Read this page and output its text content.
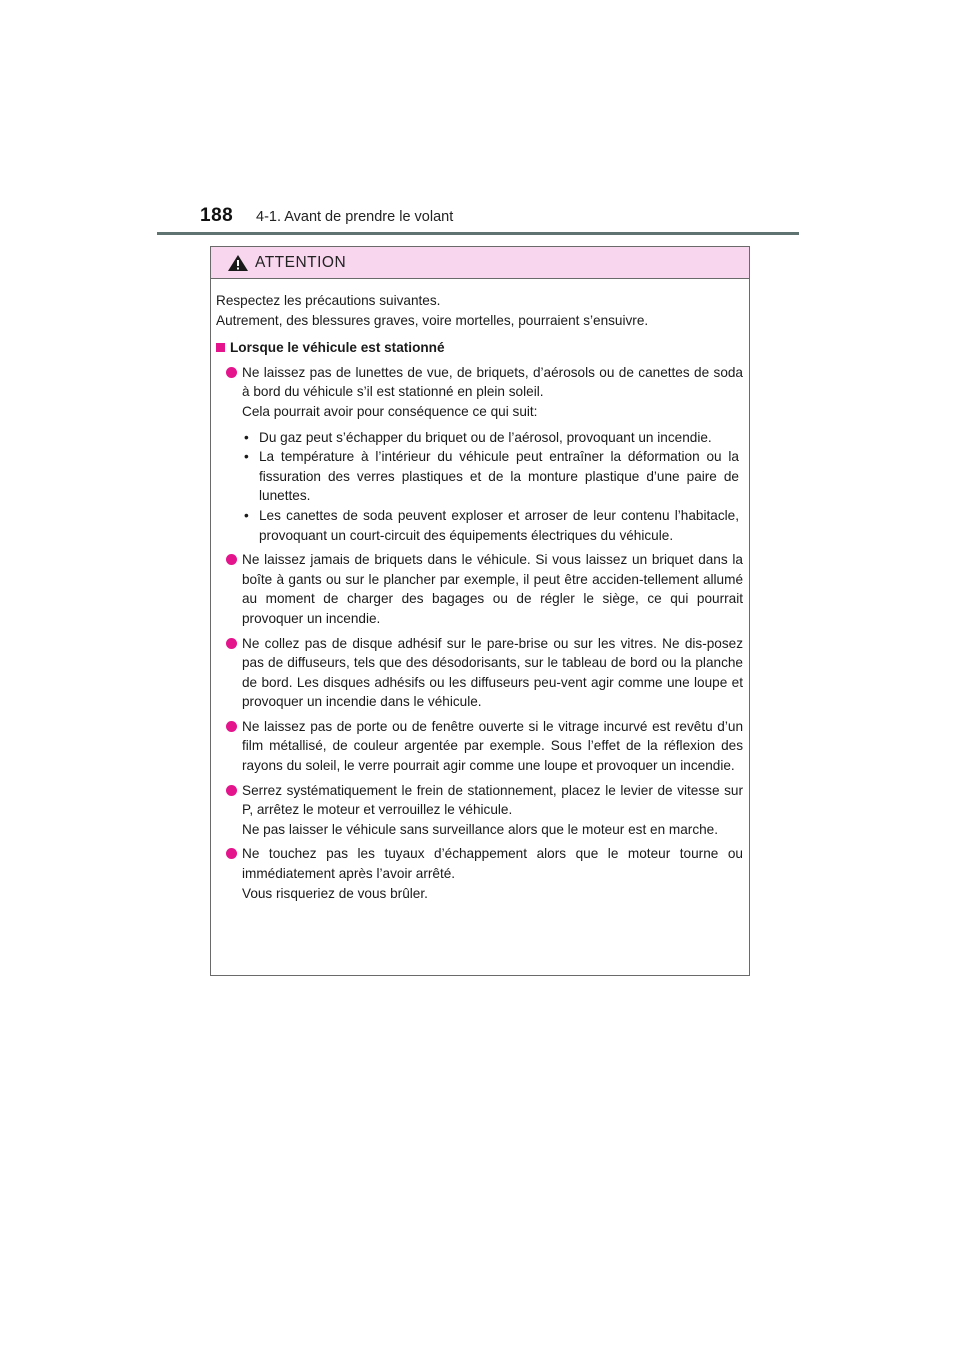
188 4-1. Avant de prendre le volant
ATTENTION

Respectez les précautions suivantes.

Autrement, des blessures graves, voire mortelles, pourraient s’ensuivre.

Lorsque le véhicule est stationné

Ne laissez pas de lunettes de vue, de briquets, d’aérosols ou de canettes de soda à bord du véhicule s’il est stationné en plein soleil.

Cela pourrait avoir pour conséquence ce qui suit:

• Du gaz peut s’échapper du briquet ou de l’aérosol, provoquant un incendie.
• La température à l’intérieur du véhicule peut entraîner la déformation ou la fissuration des verres plastiques et de la monture plastique d’une paire de lunettes.
• Les canettes de soda peuvent exploser et arroser de leur contenu l’habitacle, provoquant un court-circuit des équipements électriques du véhicule.

Ne laissez jamais de briquets dans le véhicule. Si vous laissez un briquet dans la boîte à gants ou sur le plancher par exemple, il peut être acciden-tellement allumé au moment de charger des bagages ou de régler le siège, ce qui pourrait provoquer un incendie.

Ne collez pas de disque adhésif sur le pare-brise ou sur les vitres. Ne dis-posez pas de diffuseurs, tels que des désodorisants, sur le tableau de bord ou la planche de bord. Les disques adhésifs ou les diffuseurs peu-vent agir comme une loupe et provoquer un incendie dans le véhicule.

Ne laissez pas de porte ou de fenêtre ouverte si le vitrage incurvé est revêtu d’un film métallisé, de couleur argentée par exemple. Sous l’effet de la réflexion des rayons du soleil, le verre pourrait agir comme une loupe et provoquer un incendie.

Serrez systématiquement le frein de stationnement, placez le levier de vitesse sur P, arrêtez le moteur et verrouillez le véhicule.

Ne pas laisser le véhicule sans surveillance alors que le moteur est en marche.

Ne touchez pas les tuyaux d’échappement alors que le moteur tourne ou immédiatement après l’avoir arrêté.

Vous risqueriez de vous brûler.
